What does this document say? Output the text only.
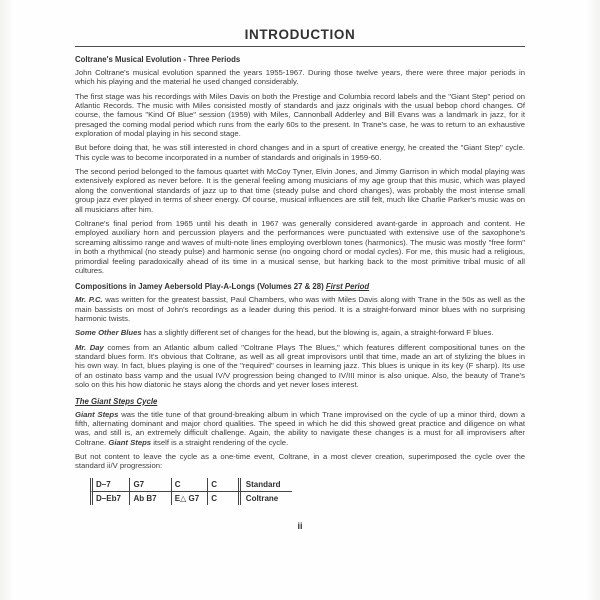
INTRODUCTION
Coltrane's Musical Evolution - Three Periods

John Coltrane's musical evolution spanned the years 1955-1967. During those twelve years, there were three major periods in which his playing and the material he used changed considerably.

The first stage was his recordings with Miles Davis on both the Prestige and Columbia record labels and the "Giant Step" period on Atlantic Records. The music with Miles consisted mostly of standards and jazz originals with the usual bebop chord changes. Of course, the famous "Kind Of Blue" session (1959) with Miles, Cannonball Adderley and Bill Evans was a landmark in jazz, for it presaged the coming modal period which runs from the early 60s to the present. In Trane's case, he was to return to an exhaustive exploration of modal playing in his second stage.

But before doing that, he was still interested in chord changes and in a spurt of creative energy, he created the "Giant Step" cycle. This cycle was to become incorporated in a number of standards and originals in 1959-60.

The second period belonged to the famous quartet with McCoy Tyner, Elvin Jones, and Jimmy Garrison in which modal playing was extensively explored as never before. It is the general feeling among musicians of my age group that this music, which was played along the conventional standards of jazz up to that time (steady pulse and chord changes), was probably the most intense small group jazz ever played in terms of sheer energy. Of course, musical influences are still felt, much like Charlie Parker's music was on all musicians after him.

Coltrane's final period from 1965 until his death in 1967 was generally considered avant-garde in approach and content. He employed auxiliary horn and percussion players and the performances were punctuated with extensive use of the saxophone's screaming altissimo range and waves of multi-note lines employing overblown tones (harmonics). The music was mostly "free form" in both a rhythmical (no steady pulse) and harmonic sense (no ongoing chord or modal cycles). For me, this music had a religious, primordial feeling paradoxically ahead of its time in a musical sense, but harking back to the most primitive tribal music of all cultures.

Compositions in Jamey Aebersold Play-A-Longs (Volumes 27 & 28) First Period

Mr. P.C. was written for the greatest bassist, Paul Chambers, who was with Miles Davis along with Trane in the 50s as well as the main bassists on most of John's recordings as a leader during this period. It is a straight-forward minor blues with no surprising harmonic twists.

Some Other Blues has a slightly different set of changes for the head, but the blowing is, again, a straight-forward F blues.

Mr. Day comes from an Atlantic album called "Coltrane Plays The Blues," which features different compositional tunes on the standard blues form. It's obvious that Coltrane, as well as all great improvisors until that time, made an art of stylizing the blues in his own way. In fact, blues playing is one of the "required" courses in learning jazz. This blues is unique in its key (F sharp). Its use of an ostinato bass vamp and the usual IV/V progression being changed to IV/III minor is also unique. Also, the beauty of Trane's solo on this his how diatonic he stays along the chords and yet never loses interest.

The Giant Steps Cycle

Giant Steps was the title tune of that ground-breaking album in which Trane improvised on the cycle of up a minor third, down a fifth, alternating dominant and major chord qualities. The speed in which he did this showed great practice and diligence on what was, and still is, an extremely difficult challenge. Again, the ability to navigate these changes is a must for all improvisers after Coltrane. Giant Steps itself is a straight rendering of the cycle.

But not content to leave the cycle as a one-time event, Coltrane, in a most clever creation, superimposed the cycle over the standard ii/V progression:

D–7	G7	C	C	Standard
D–Eb7	Ab B7	E△ G7	C	Coltrane
ii
